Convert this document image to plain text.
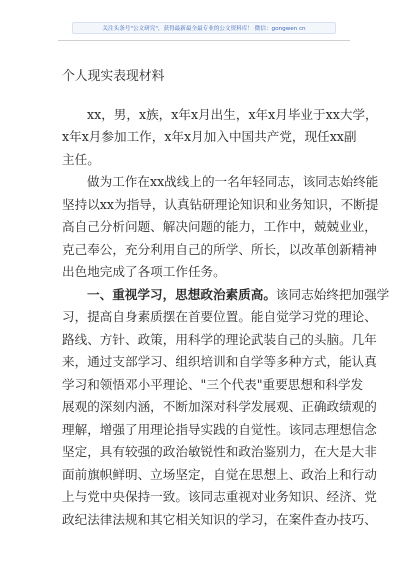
关注头条号"公文研究"，获得最新最全最专业的公文资料库！ 微信：gongwen cn
个人现实表现材料
xx，男，x族，x年x月出生，x年x月毕业于xx大学，
x年x月参加工作，x年x月加入中国共产党，现任xx副
主任。
做为工作在xx战线上的一名年轻同志，该同志始终能
坚持以xx为指导，认真钻研理论知识和业务知识，不断提
高自己分析问题、解决问题的能力，工作中，兢兢业业，
克己奉公，充分利用自己的所学、所长，以改革创新精神
出色地完成了各项工作任务。
一、重视学习，思想政治素质高。该同志始终把加强学
习，提高自身素质摆在首要位置。能自觉学习党的理论、
路线、方针、政策，用科学的理论武装自己的头脑。几年
来，通过支部学习、组织培训和自学等多种方式，能认真
学习和领悟邓小平理论、"三个代表"重要思想和科学发
展观的深刻内涵，不断加深对科学发展观、正确政绩观的
理解，增强了用理论指导实践的自觉性。该同志理想信念
坚定，具有较强的政治敏锐性和政治鉴别力，在大是大非
面前旗帜鲜明、立场坚定，自觉在思想上、政治上和行动
上与党中央保持一致。该同志重视对业务知识、经济、党
政纪法律法规和其它相关知识的学习，在案件查办技巧、
